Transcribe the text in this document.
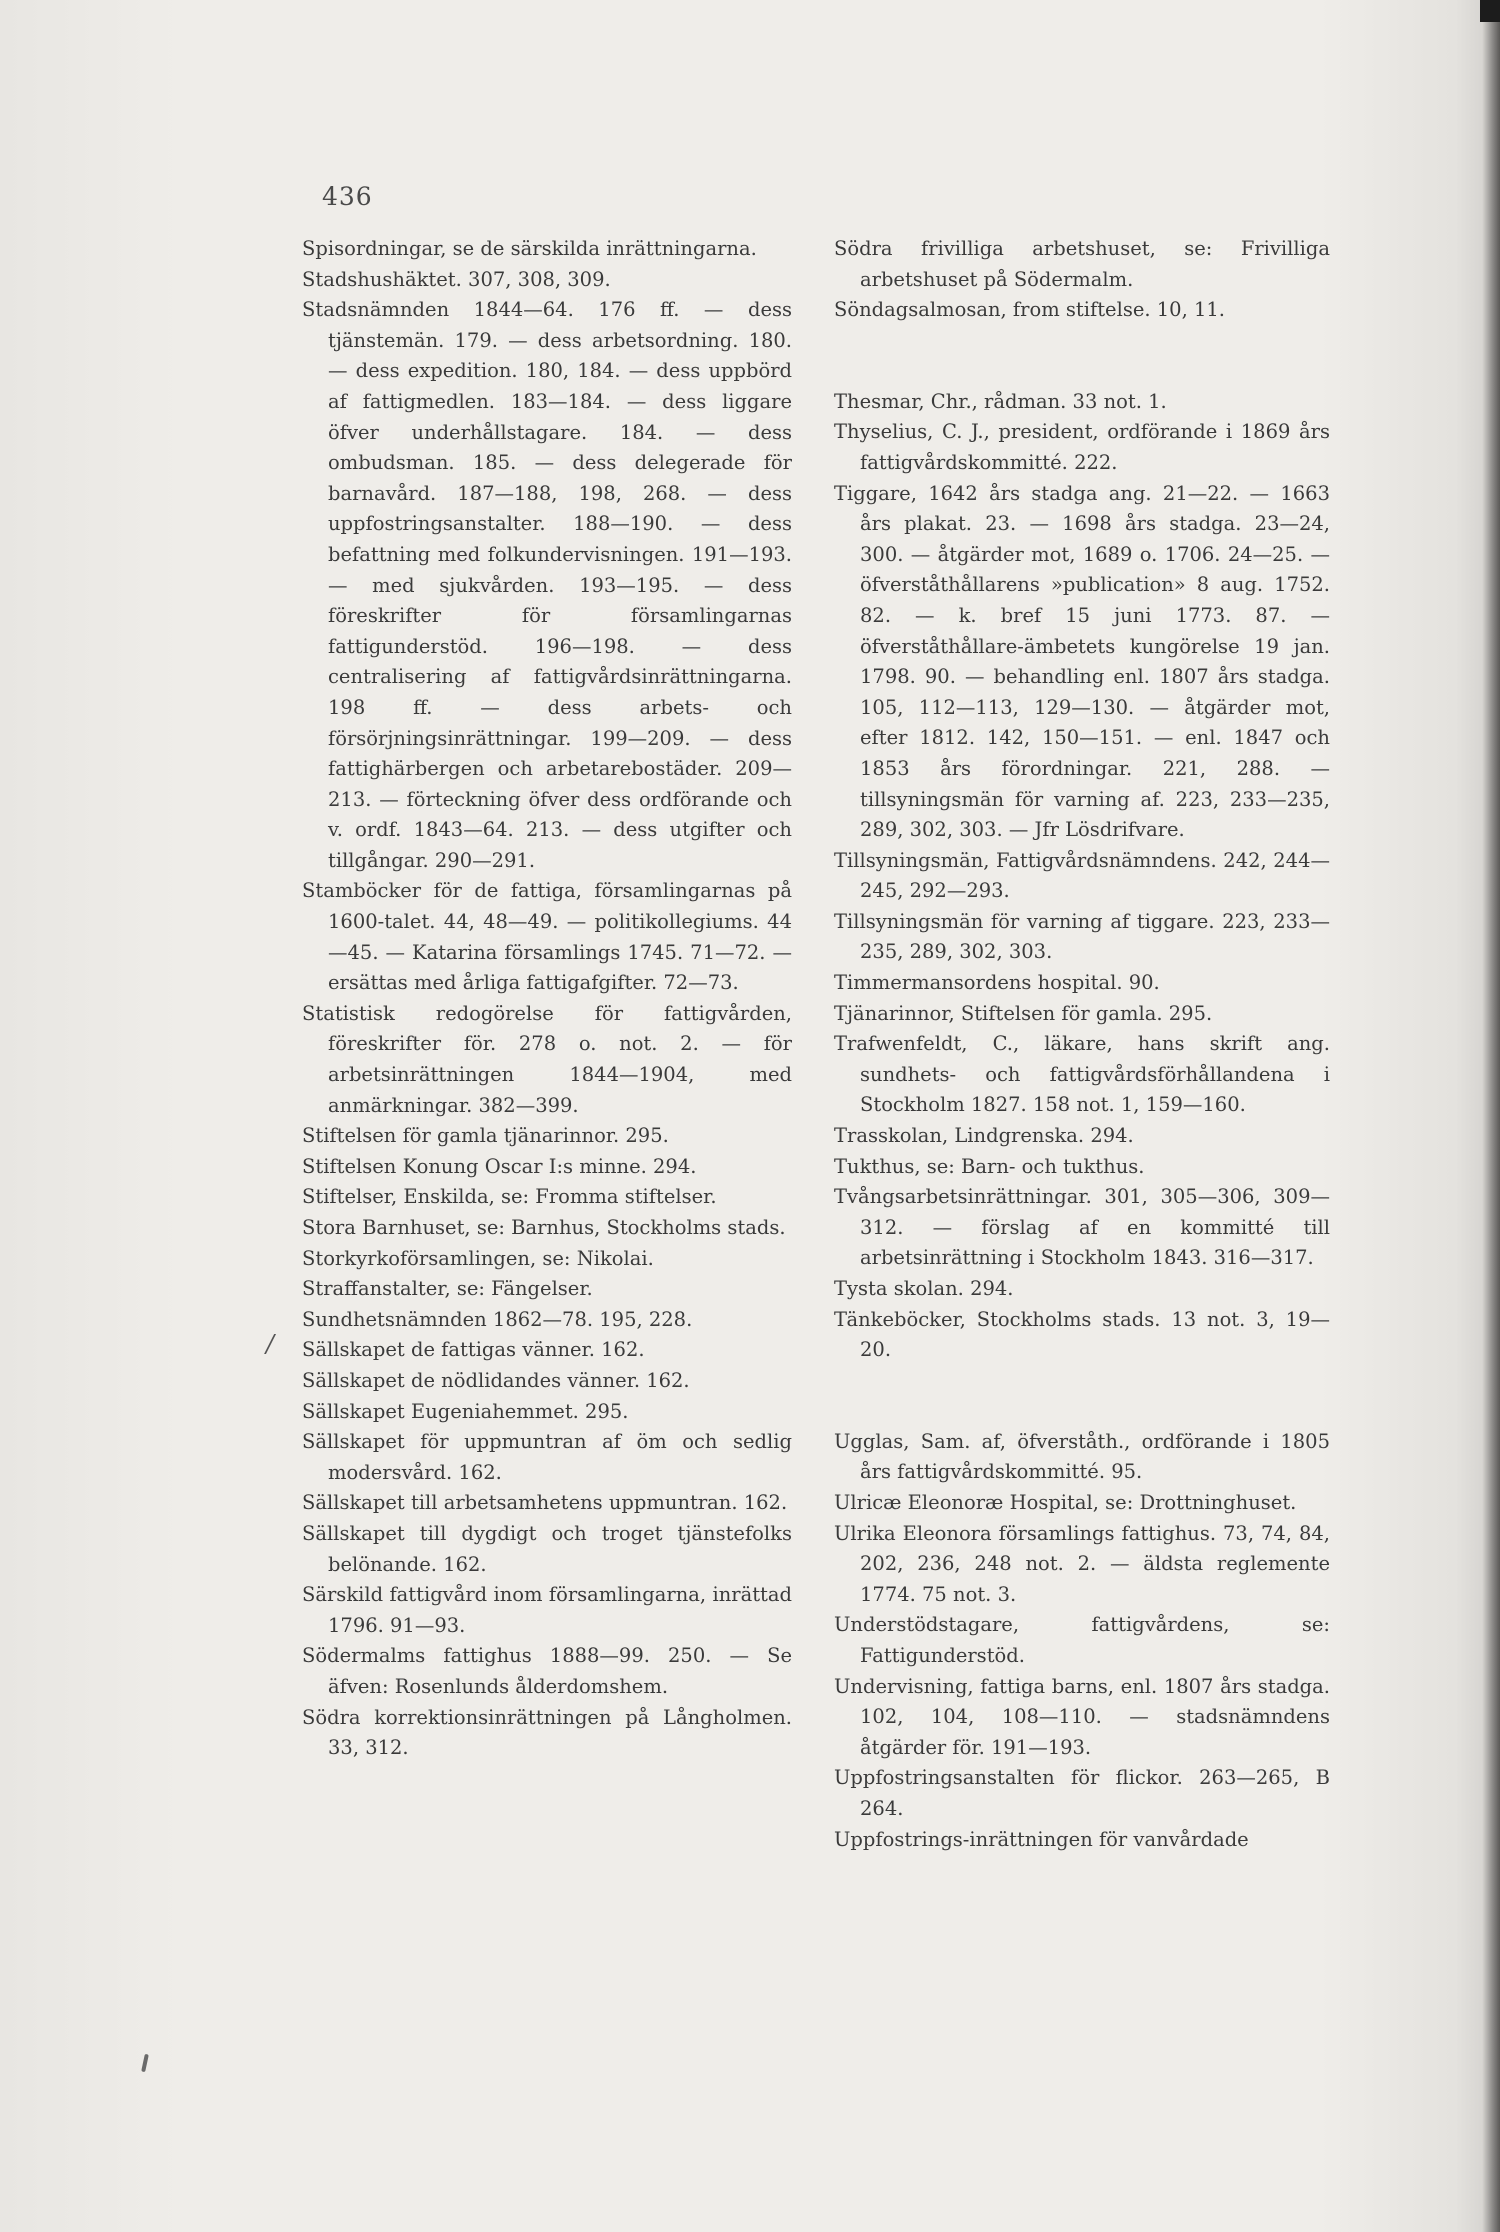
436
/

Spisordningar, se de särskilda inrättningarna.

Stadshushäktet. 307, 308, 309.

Stadsnämnden 1844—64. 176 ff. — dess tjänstemän. 179. — dess arbetsordning. 180. — dess expedition. 180, 184. — dess uppbörd af fattigmedlen. 183—184. — dess liggare öfver underhållstagare. 184. — dess ombudsman. 185. — dess delegerade för barnavård. 187—188, 198, 268. — dess uppfostringsanstalter. 188—190. — dess befattning med folkundervisningen. 191—193. — med sjukvården. 193—195. — dess föreskrifter för församlingarnas fattigunderstöd. 196—198. — dess centralisering af fattigvårdsinrättningarna. 198 ff. — dess arbets- och försörjningsinrättningar. 199—209. — dess fattighärbergen och arbetarebostäder. 209—213. — förteckning öfver dess ordförande och v. ordf. 1843—64. 213. — dess utgifter och tillgångar. 290—291.

Stamböcker för de fattiga, församlingarnas på 1600-talet. 44, 48—49. — politikollegiums. 44—45. — Katarina församlings 1745. 71—72. — ersättas med årliga fattigafgifter. 72—73.

Statistisk redogörelse för fattigvården, föreskrifter för. 278 o. not. 2. — för arbetsinrättningen 1844—1904, med anmärkningar. 382—399.

Stiftelsen för gamla tjänarinnor. 295.

Stiftelsen Konung Oscar I:s minne. 294.

Stiftelser, Enskilda, se: Fromma stiftelser.

Stora Barnhuset, se: Barnhus, Stockholms stads.

Storkyrkoförsamlingen, se: Nikolai.

Straffanstalter, se: Fängelser.

Sundhetsnämnden 1862—78. 195, 228.

Sällskapet de fattigas vänner. 162.

Sällskapet de nödlidandes vänner. 162.

Sällskapet Eugeniahemmet. 295.

Sällskapet för uppmuntran af öm och sedlig modersvård. 162.

Sällskapet till arbetsamhetens uppmuntran. 162.

Sällskapet till dygdigt och troget tjänstefolks belönande. 162.

Särskild fattigvård inom församlingarna, inrättad 1796. 91—93.

Södermalms fattighus 1888—99. 250. — Se äfven: Rosenlunds ålderdomshem.

Södra korrektionsinrättningen på Långholmen. 33, 312.

Södra frivilliga arbetshuset, se: Frivilliga arbetshuset på Södermalm.

Söndagsalmosan, from stiftelse. 10, 11.

Thesmar, Chr., rådman. 33 not. 1.

Thyselius, C. J., president, ordförande i 1869 års fattigvårdskommitté. 222.

Tiggare, 1642 års stadga ang. 21—22. — 1663 års plakat. 23. — 1698 års stadga. 23—24, 300. — åtgärder mot, 1689 o. 1706. 24—25. — öfverståthållarens »publication» 8 aug. 1752. 82. — k. bref 15 juni 1773. 87. — öfverståthållare-ämbetets kungörelse 19 jan. 1798. 90. — behandling enl. 1807 års stadga. 105, 112—113, 129—130. — åtgärder mot, efter 1812. 142, 150—151. — enl. 1847 och 1853 års förordningar. 221, 288. — tillsyningsmän för varning af. 223, 233—235, 289, 302, 303. — Jfr Lösdrifvare.

Tillsyningsmän, Fattigvårdsnämndens. 242, 244—245, 292—293.

Tillsyningsmän för varning af tiggare. 223, 233—235, 289, 302, 303.

Timmermansordens hospital. 90.

Tjänarinnor, Stiftelsen för gamla. 295.

Trafwenfeldt, C., läkare, hans skrift ang. sundhets- och fattigvårdsförhållandena i Stockholm 1827. 158 not. 1, 159—160.

Trasskolan, Lindgrenska. 294.

Tukthus, se: Barn- och tukthus.

Tvångsarbetsinrättningar. 301, 305—306, 309—312. — förslag af en kommitté till arbetsinrättning i Stockholm 1843. 316—317.

Tysta skolan. 294.

Tänkeböcker, Stockholms stads. 13 not. 3, 19—20.

Ugglas, Sam. af, öfverståth., ordförande i 1805 års fattigvårdskommitté. 95.

Ulricæ Eleonoræ Hospital, se: Drottninghuset.

Ulrika Eleonora församlings fattighus. 73, 74, 84, 202, 236, 248 not. 2. — äldsta reglemente 1774. 75 not. 3.

Understödstagare, fattigvårdens, se: Fattigunderstöd.

Undervisning, fattiga barns, enl. 1807 års stadga. 102, 104, 108—110. — stadsnämndens åtgärder för. 191—193.

Uppfostringsanstalten för flickor. 263—265, B 264.

Uppfostrings-inrättningen för vanvårdade
